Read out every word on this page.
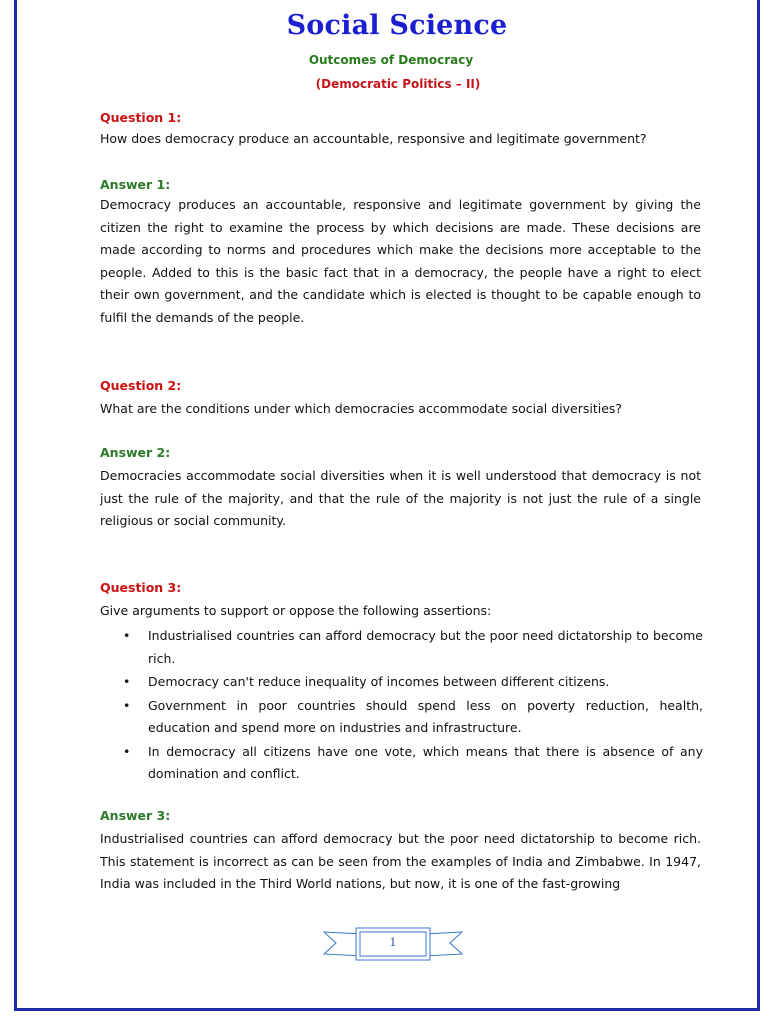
Social Science
Outcomes of Democracy
(Democratic Politics – II)
Question 1:
How does democracy produce an accountable, responsive and legitimate government?
Answer 1:
Democracy produces an accountable, responsive and legitimate government by giving the citizen the right to examine the process by which decisions are made. These decisions are made according to norms and procedures which make the decisions more acceptable to the people. Added to this is the basic fact that in a democracy, the people have a right to elect their own government, and the candidate which is elected is thought to be capable enough to fulfil the demands of the people.
Question 2:
What are the conditions under which democracies accommodate social diversities?
Answer 2:
Democracies accommodate social diversities when it is well understood that democracy is not just the rule of the majority, and that the rule of the majority is not just the rule of a single religious or social community.
Question 3:
Give arguments to support or oppose the following assertions:
• Industrialised countries can afford democracy but the poor need dictatorship to become rich.
• Democracy can't reduce inequality of incomes between different citizens.
• Government in poor countries should spend less on poverty reduction, health, education and spend more on industries and infrastructure.
• In democracy all citizens have one vote, which means that there is absence of any domination and conflict.
Answer 3:
Industrialised countries can afford democracy but the poor need dictatorship to become rich. This statement is incorrect as can be seen from the examples of India and Zimbabwe. In 1947, India was included in the Third World nations, but now, it is one of the fast-growing
1
